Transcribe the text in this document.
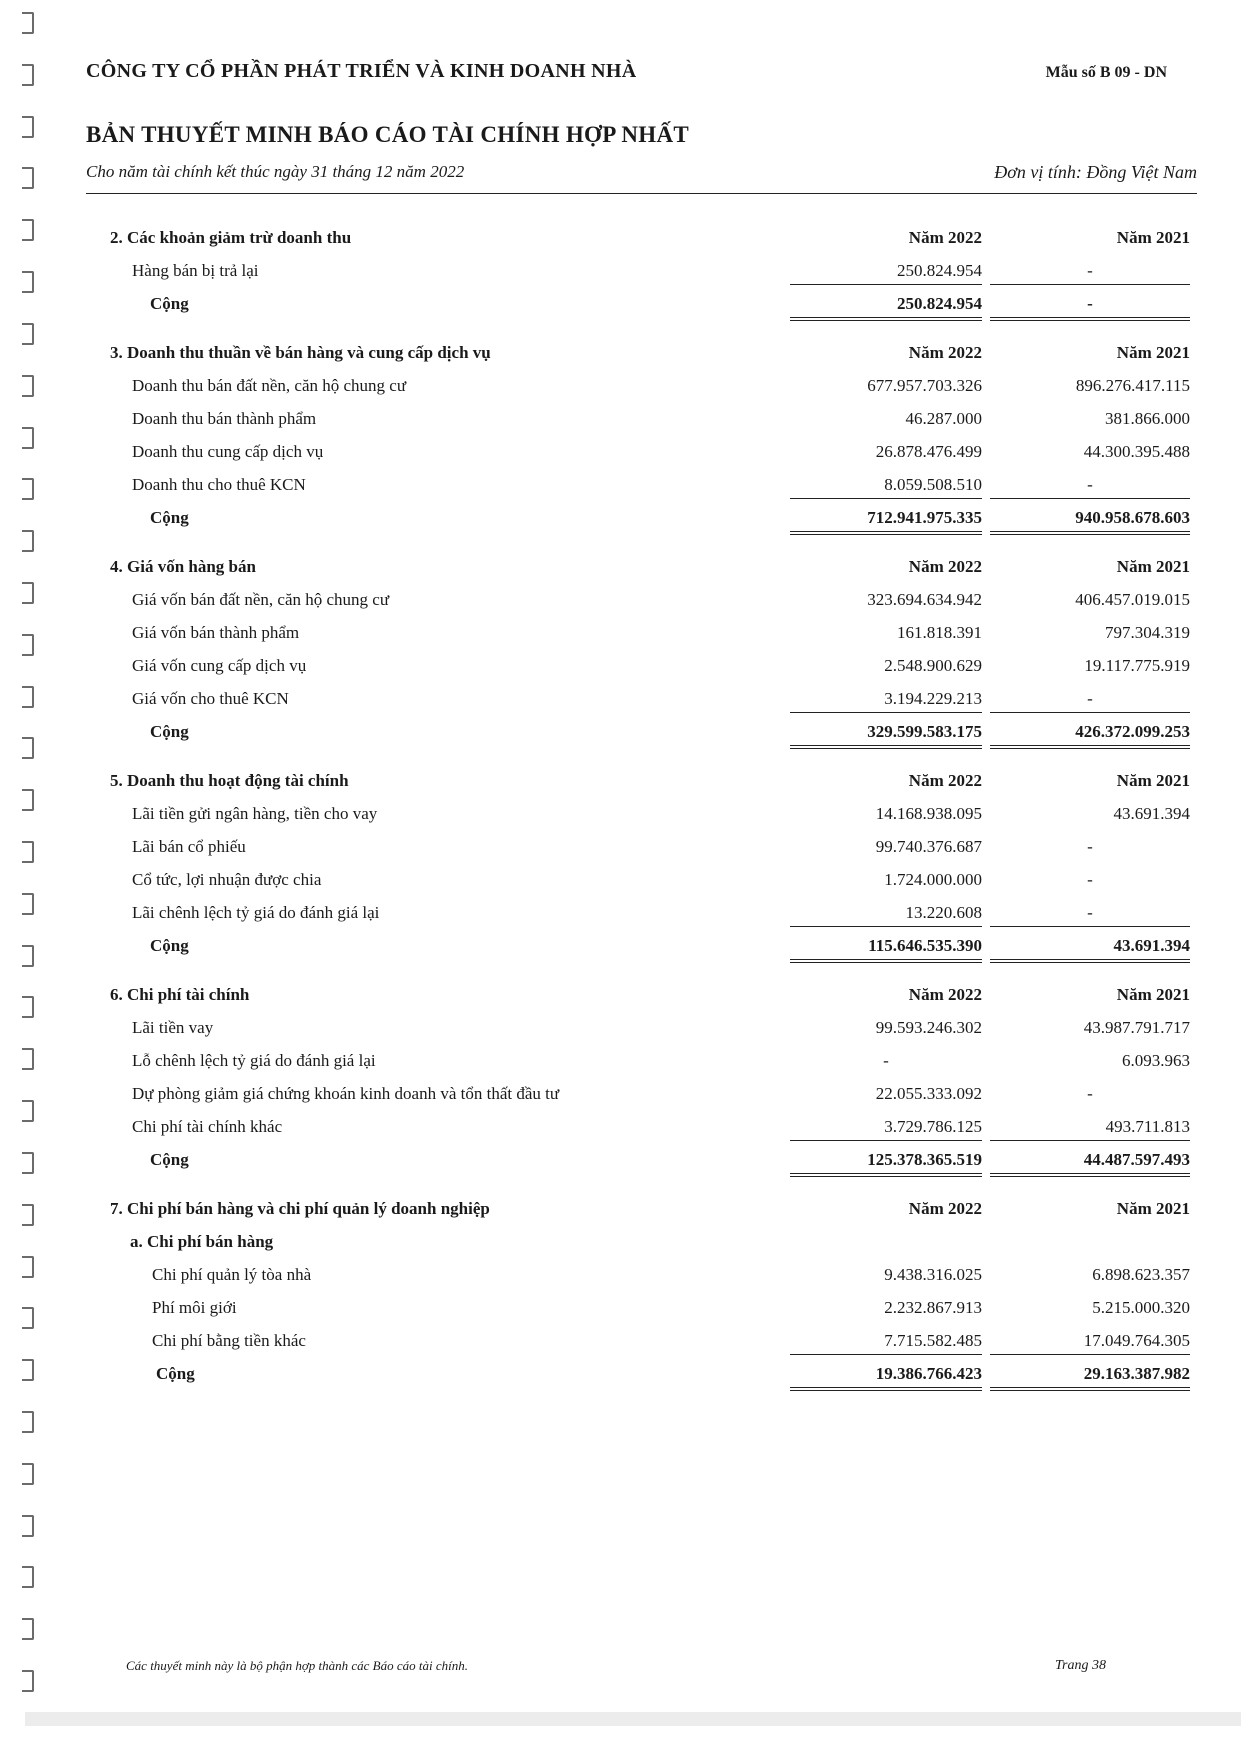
CÔNG TY CỔ PHẦN PHÁT TRIỂN VÀ KINH DOANH NHÀ	Mẫu số B 09 - DN
BẢN THUYẾT MINH BÁO CÁO TÀI CHÍNH HỢP NHẤT
Cho năm tài chính kết thúc ngày 31 tháng 12 năm 2022	Đơn vị tính: Đồng Việt Nam
2. Các khoản giảm trừ doanh thu	Năm 2022	Năm 2021
Hàng bán bị trả lại	250.824.954	-
Cộng	250.824.954	-
3. Doanh thu thuần về bán hàng và cung cấp dịch vụ	Năm 2022	Năm 2021
Doanh thu bán đất nền, căn hộ chung cư	677.957.703.326	896.276.417.115
Doanh thu bán thành phẩm	46.287.000	381.866.000
Doanh thu cung cấp dịch vụ	26.878.476.499	44.300.395.488
Doanh thu cho thuê KCN	8.059.508.510	-
Cộng	712.941.975.335	940.958.678.603
4. Giá vốn hàng bán	Năm 2022	Năm 2021
Giá vốn bán đất nền, căn hộ chung cư	323.694.634.942	406.457.019.015
Giá vốn bán thành phẩm	161.818.391	797.304.319
Giá vốn cung cấp dịch vụ	2.548.900.629	19.117.775.919
Giá vốn cho thuê KCN	3.194.229.213	-
Cộng	329.599.583.175	426.372.099.253
5. Doanh thu hoạt động tài chính	Năm 2022	Năm 2021
Lãi tiền gửi ngân hàng, tiền cho vay	14.168.938.095	43.691.394
Lãi bán cổ phiếu	99.740.376.687	-
Cổ tức, lợi nhuận được chia	1.724.000.000	-
Lãi chênh lệch tỷ giá do đánh giá lại	13.220.608	-
Cộng	115.646.535.390	43.691.394
6. Chi phí tài chính	Năm 2022	Năm 2021
Lãi tiền vay	99.593.246.302	43.987.791.717
Lỗ chênh lệch tỷ giá do đánh giá lại	-	6.093.963
Dự phòng giảm giá chứng khoán kinh doanh và tổn thất đầu tư	22.055.333.092	-
Chi phí tài chính khác	3.729.786.125	493.711.813
Cộng	125.378.365.519	44.487.597.493
7. Chi phí bán hàng và chi phí quản lý doanh nghiệp	Năm 2022	Năm 2021
a. Chi phí bán hàng
Chi phí quản lý tòa nhà	9.438.316.025	6.898.623.357
Phí môi giới	2.232.867.913	5.215.000.320
Chi phí bằng tiền khác	7.715.582.485	17.049.764.305
Cộng	19.386.766.423	29.163.387.982
Các thuyết minh này là bộ phận hợp thành các Báo cáo tài chính.	Trang 38
